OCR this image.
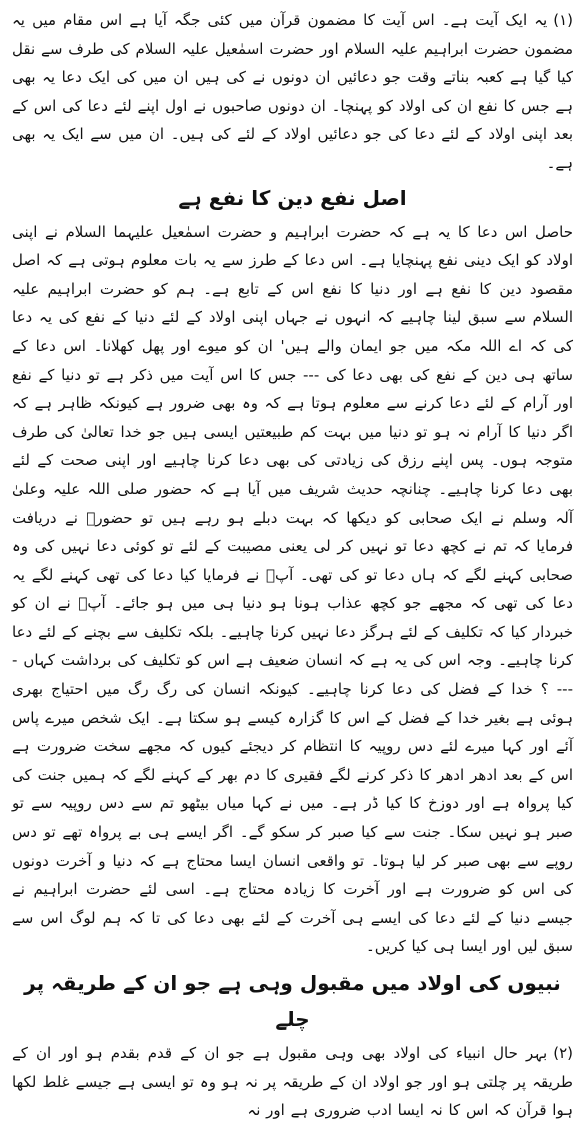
(۱)یہ ایک آیت ہے۔ اس آیت کا مضمون قرآن میں کئی جگہ آیا ہے اس مقام میں یہ مضمون حضرت ابراہیم علیہ السلام اور حضرت اسمٰعیل علیہ السلام کی طرف سے نقل کیا گیا ہے کعبہ بناتے وقت جو دعائیں ان دونوں نے کی ہیں ان میں کی ایک دعا یہ بھی ہے جس کا نفع ان کی اولاد کو پہنچا۔ ان دونوں صاحبوں نے اول اپنے لئے دعا کی اس کے بعد اپنی اولاد کے لئے دعا کی جو دعائیں اولاد کے لئے کی ہیں۔ ان میں سے ایک یہ بھی ہے۔

اصل نفع دین کا نفع ہے

حاصل اس دعا کا یہ ہے کہ حضرت ابراہیم و حضرت اسمٰعیل علیہما السلام نے اپنی اولاد کو ایک دینی نفع پہنچایا ہے۔ اس دعا کے طرز سے یہ بات معلوم ہوتی ہے کہ اصل مقصود دین کا نفع ہے اور دنیا کا نفع اس کے تابع ہے۔ ہم کو حضرت ابراہیم علیہ السلام سے سبق لینا چاہیے کہ انہوں نے جہاں اپنی اولاد کے لئے دنیا کے نفع کی یہ دعا کی کہ اے اللہ مکہ میں جو ایمان والے ہیں' ان کو میوے اور پھل کھلانا۔ اس دعا کے ساتھ ہی دین کے نفع کی بھی دعا کی --- جس کا اس آیت میں ذکر ہے تو دنیا کے نفع اور آرام کے لئے دعا کرنے سے معلوم ہوتا ہے کہ وہ بھی ضرور ہے کیونکہ ظاہر ہے کہ اگر دنیا کا آرام نہ ہو تو دنیا میں بہت کم طبیعتیں ایسی ہیں جو خدا تعالیٰ کی طرف متوجہ ہوں۔ پس اپنے رزق کی زیادتی کی بھی دعا کرنا چاہیے اور اپنی صحت کے لئے بھی دعا کرنا چاہیے۔ چنانچہ حدیث شریف میں آیا ہے کہ حضور صلی اللہ علیہ وعلیٰ آلہ وسلم نے ایک صحابی کو دیکھا کہ بہت دبلے ہو رہے ہیں تو حضورؐ نے دریافت فرمایا کہ تم نے کچھ دعا تو نہیں کر لی یعنی مصیبت کے لئے تو کوئی دعا نہیں کی وہ صحابی کہنے لگے کہ ہاں دعا تو کی تھی۔ آپؐ نے فرمایا کیا دعا کی تھی کہنے لگے یہ دعا کی تھی کہ مجھے جو کچھ عذاب ہونا ہو دنیا ہی میں ہو جائے۔ آپؐ نے ان کو خبردار کیا کہ تکلیف کے لئے ہرگز دعا نہیں کرنا چاہیے۔ بلکہ تکلیف سے بچنے کے لئے دعا کرنا چاہیے۔ وجہ اس کی یہ ہے کہ انسان ضعیف ہے اس کو تکلیف کی برداشت کہاں ---- ؟ خدا کے فضل کی دعا کرنا چاہیے۔ کیونکہ انسان کی رگ رگ میں احتیاج بھری ہوئی ہے بغیر خدا کے فضل کے اس کا گزارہ کیسے ہو سکتا ہے۔ ایک شخص میرے پاس آئے اور کہا میرے لئے دس روپیہ کا انتظام کر دیجئے کیوں کہ مجھے سخت ضرورت ہے اس کے بعد ادھر ادھر کا ذکر کرنے لگے فقیری کا دم بھر کے کہنے لگے کہ ہمیں جنت کی کیا پرواہ ہے اور دوزخ کا کیا ڈر ہے۔ میں نے کہا میاں بیٹھو تم سے دس روپیہ سے تو صبر ہو نہیں سکا۔ جنت سے کیا صبر کر سکو گے۔ اگر ایسے ہی بے پرواہ تھے تو دس روپے سے بھی صبر کر لیا ہوتا۔ تو واقعی انسان ایسا محتاج ہے کہ دنیا و آخرت دونوں کی اس کو ضرورت ہے اور آخرت کا زیادہ محتاج ہے۔ اسی لئے حضرت ابراہیم نے جیسے دنیا کے لئے دعا کی ایسے ہی آخرت کے لئے بھی دعا کی تا کہ ہم لوگ اس سے سبق لیں اور ایسا ہی کیا کریں۔

نبیوں کی اولاد میں مقبول وہی ہے جو ان کے طریقہ پر چلے

(۲)بہر حال انبیاء کی اولاد بھی وہی مقبول ہے جو ان کے قدم بقدم ہو اور ان کے طریقہ پر چلتی ہو اور جو اولاد ان کے طریقہ پر نہ ہو وہ تو ایسی ہے جیسے غلط لکھا ہوا قرآن کہ اس کا نہ ایسا ادب ضروری ہے اور نہ
